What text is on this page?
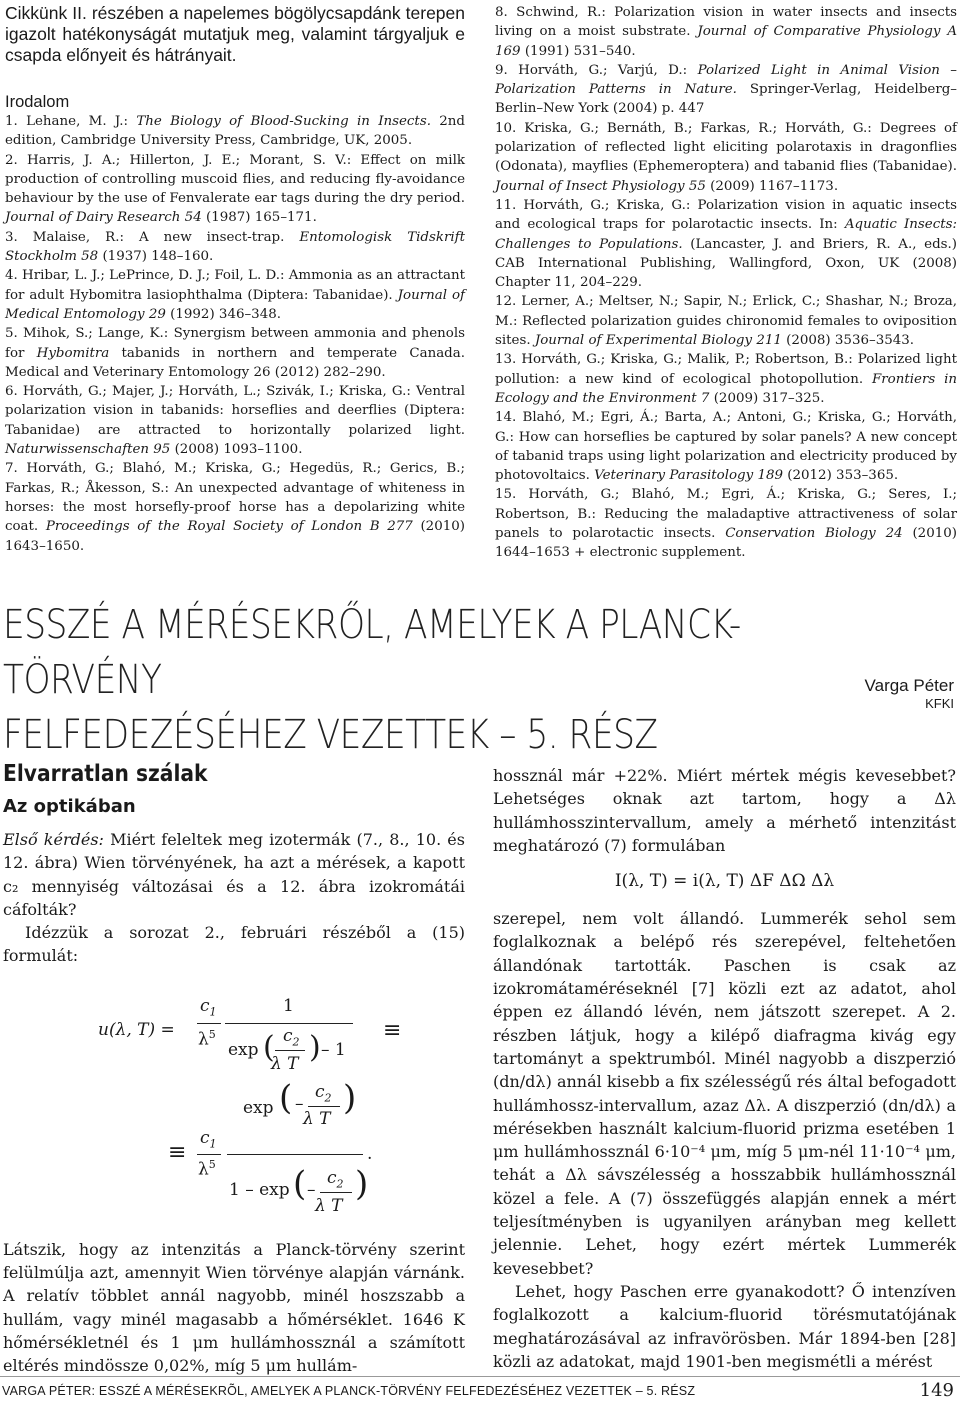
Cikkünk II. részében a napelemes bögölycsapdánk terepen igazolt hatékonyságát mutatjuk meg, valamint tárgyaljuk e csapda előnyeit és hátrányait.

Irodalom

1. Lehane, M. J.: The Biology of Blood-Sucking in Insects. 2nd edition, Cambridge University Press, Cambridge, UK, 2005.

2. Harris, J. A.; Hillerton, J. E.; Morant, S. V.: Effect on milk production of controlling muscoid flies, and reducing fly-avoidance behaviour by the use of Fenvalerate ear tags during the dry period. Journal of Dairy Research 54 (1987) 165–171.

3. Malaise, R.: A new insect-trap. Entomologisk Tidskrift Stockholm 58 (1937) 148–160.

4. Hribar, L. J.; LePrince, D. J.; Foil, L. D.: Ammonia as an attractant for adult Hybomitra lasiophthalma (Diptera: Tabanidae). Journal of Medical Entomology 29 (1992) 346–348.

5. Mihok, S.; Lange, K.: Synergism between ammonia and phenols for Hybomitra tabanids in northern and temperate Canada. Medical and Veterinary Entomology 26 (2012) 282–290.

6. Horváth, G.; Majer, J.; Horváth, L.; Szivák, I.; Kriska, G.: Ventral polarization vision in tabanids: horseflies and deerflies (Diptera: Tabanidae) are attracted to horizontally polarized light. Naturwissenschaften 95 (2008) 1093–1100.

7. Horváth, G.; Blahó, M.; Kriska, G.; Hegedüs, R.; Gerics, B.; Farkas, R.; Åkesson, S.: An unexpected advantage of whiteness in horses: the most horsefly-proof horse has a depolarizing white coat. Proceedings of the Royal Society of London B 277 (2010) 1643–1650.

8. Schwind, R.: Polarization vision in water insects and insects living on a moist substrate. Journal of Comparative Physiology A 169 (1991) 531–540.

9. Horváth, G.; Varjú, D.: Polarized Light in Animal Vision – Polarization Patterns in Nature. Springer-Verlag, Heidelberg–Berlin–New York (2004) p. 447

10. Kriska, G.; Bernáth, B.; Farkas, R.; Horváth, G.: Degrees of polarization of reflected light eliciting polarotaxis in dragonflies (Odonata), mayflies (Ephemeroptera) and tabanid flies (Tabanidae). Journal of Insect Physiology 55 (2009) 1167–1173.

11. Horváth, G.; Kriska, G.: Polarization vision in aquatic insects and ecological traps for polarotactic insects. In: Aquatic Insects: Challenges to Populations. (Lancaster, J. and Briers, R. A., eds.) CAB International Publishing, Wallingford, Oxon, UK (2008) Chapter 11, 204–229.

12. Lerner, A.; Meltser, N.; Sapir, N.; Erlick, C.; Shashar, N.; Broza, M.: Reflected polarization guides chironomid females to oviposition sites. Journal of Experimental Biology 211 (2008) 3536–3543.

13. Horváth, G.; Kriska, G.; Malik, P.; Robertson, B.: Polarized light pollution: a new kind of ecological photopollution. Frontiers in Ecology and the Environment 7 (2009) 317–325.

14. Blahó, M.; Egri, Á.; Barta, A.; Antoni, G.; Kriska, G.; Horváth, G.: How can horseflies be captured by solar panels? A new concept of tabanid traps using light polarization and electricity produced by photovoltaics. Veterinary Parasitology 189 (2012) 353–365.

15. Horváth, G.; Blahó, M.; Egri, Á.; Kriska, G.; Seres, I.; Robertson, B.: Reducing the maladaptive attractiveness of solar panels to polarotactic insects. Conservation Biology 24 (2010) 1644–1653 + electronic supplement.

ESSZÉ A MÉRÉSEKRŐL, AMELYEK A PLANCK-TÖRVÉNY
FELFEDEZÉSÉHEZ VEZETTEK – 5. RÉSZ
Varga Péter
KFKI
Elvarratlan szálak
Az optikában

Első kérdés: Miért feleltek meg izotermák (7., 8., 10. és 12. ábra) Wien törvényének, ha azt a mérések, a kapott c₂ mennyiség változásai és a 12. ábra izokromátái cáfolták?

Idézzük a sorozat 2., februári részéből a (15) formulát:

u(λ, T) =
$c_1$
$\lambda^5$
1
exp ( $c_2$
λ T ) – 1
≡
≡
$c_1$
$\lambda^5$
exp ( –
$c_2$
λ T
)
1 – exp ( –
$c_2$
λ T
)
.

Látszik, hogy az intenzitás a Planck-törvény szerint felülmúlja azt, amennyit Wien törvénye alapján várnánk. A relatív többlet annál nagyobb, minél hoszszabb a hullám, vagy minél magasabb a hőmérséklet. 1646 K hőmérsékletnél és 1 μm hullámhossznál a számított eltérés mindössze 0,02%, míg 5 μm hullám-

hossznál már +22%. Miért mértek mégis kevesebbet? Lehetséges oknak azt tartom, hogy a Δλ hullámhosszintervallum, amely a mérhető intenzitást meghatározó (7) formulában

I(λ, T) = i(λ, T) ΔF ΔΩ Δλ

szerepel, nem volt állandó. Lummerék sehol sem foglalkoznak a belépő rés szerepével, feltehetően állandónak tartották. Paschen is csak az izokromátaméréseknél [7] közli ezt az adatot, ahol éppen ez állandó lévén, nem játszott szerepet. A 2. részben látjuk, hogy a kilépő diafragma kivág egy tartományt a spektrumból. Minél nagyobb a diszperzió (dn/dλ) annál kisebb a fix szélességű rés által befogadott hullámhossz-intervallum, azaz Δλ. A diszperzió (dn/dλ) a mérésekben használt kalcium-fluorid prizma esetében 1 μm hullámhossznál 6·10⁻⁴ μm, míg 5 μm-nél 11·10⁻⁴ μm, tehát a Δλ sávszélesség a hosszabbik hullámhossznál közel a fele. A (7) összefüggés alapján ennek a mért teljesítményben is ugyanilyen arányban meg kellett jelennie. Lehet, hogy ezért mértek Lummerék kevesebbet?

Lehet, hogy Paschen erre gyanakodott? Ő intenzíven foglalkozott a kalcium-fluorid törésmutatójának meghatározásával az infravörösben. Már 1894-ben [28] közli az adatokat, majd 1901-ben megismétli a mérést

VARGA PÉTER: ESSZÉ A MÉRÉSEKRÕL, AMELYEK A PLANCK-TÖRVÉNY FELFEDEZÉSÉHEZ VEZETTEK – 5. RÉSZ	149
